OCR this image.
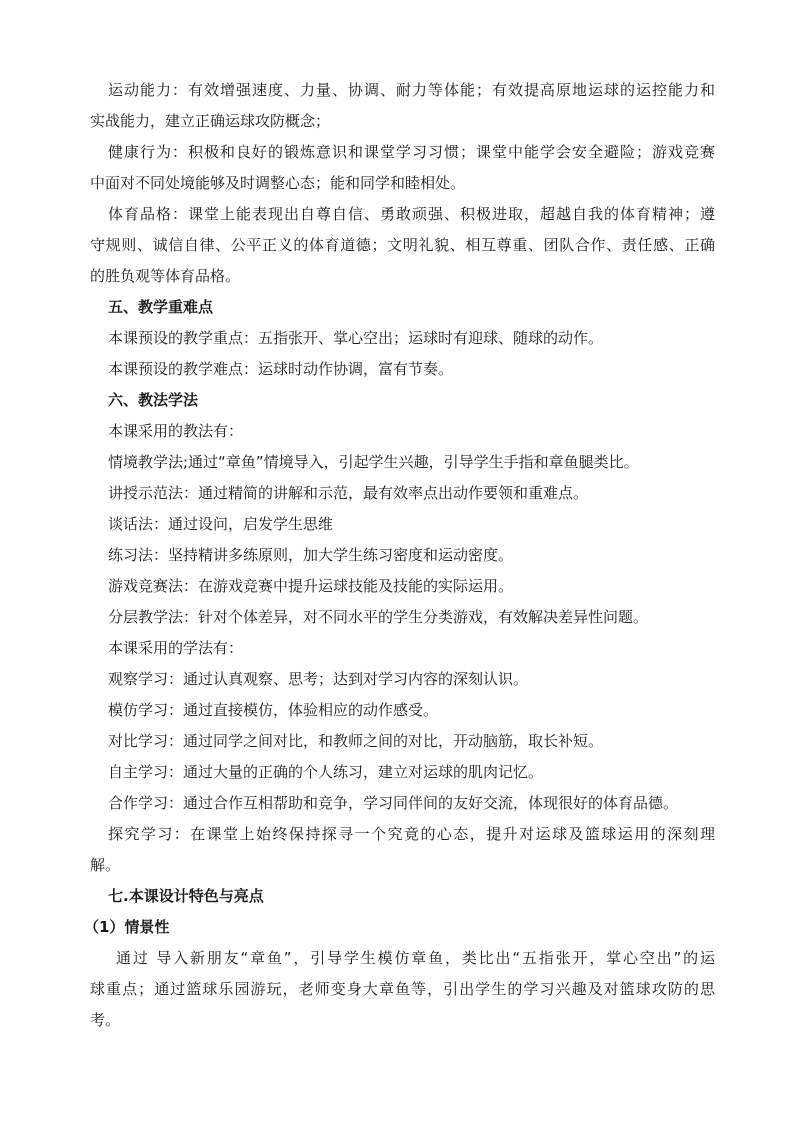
运动能力：有效增强速度、力量、协调、耐力等体能；有效提高原地运球的运控能力和
实战能力，建立正确运球攻防概念；
健康行为：积极和良好的锻炼意识和课堂学习习惯；课堂中能学会安全避险；游戏竞赛
中面对不同处境能够及时调整心态；能和同学和睦相处。
体育品格：课堂上能表现出自尊自信、勇敢顽强、积极进取，超越自我的体育精神；遵
守规则、诚信自律、公平正义的体育道德；文明礼貌、相互尊重、团队合作、责任感、正确
的胜负观等体育品格。
五、教学重难点
本课预设的教学重点：五指张开、掌心空出；运球时有迎球、随球的动作。
本课预设的教学难点：运球时动作协调，富有节奏。
六、教法学法
本课采用的教法有：
情境教学法;通过“章鱼”情境导入，引起学生兴趣，引导学生手指和章鱼腿类比。
讲授示范法：通过精简的讲解和示范，最有效率点出动作要领和重难点。
谈话法：通过设问，启发学生思维
练习法：坚持精讲多练原则，加大学生练习密度和运动密度。
游戏竞赛法：在游戏竞赛中提升运球技能及技能的实际运用。
分层教学法：针对个体差异，对不同水平的学生分类游戏，有效解决差异性问题。
本课采用的学法有：
观察学习：通过认真观察、思考；达到对学习内容的深刻认识。
模仿学习：通过直接模仿，体验相应的动作感受。
对比学习：通过同学之间对比，和教师之间的对比，开动脑筋，取长补短。
自主学习：通过大量的正确的个人练习，建立对运球的肌肉记忆。
合作学习：通过合作互相帮助和竞争，学习同伴间的友好交流，体现很好的体育品德。
探究学习：在课堂上始终保持探寻一个究竟的心态，提升对运球及篮球运用的深刻理
解。
七.本课设计特色与亮点
（1）情景性
通过 导入新朋友“章鱼”，引导学生模仿章鱼，类比出“五指张开，掌心空出”的运
球重点；通过篮球乐园游玩，老师变身大章鱼等，引出学生的学习兴趣及对篮球攻防的思
考。
